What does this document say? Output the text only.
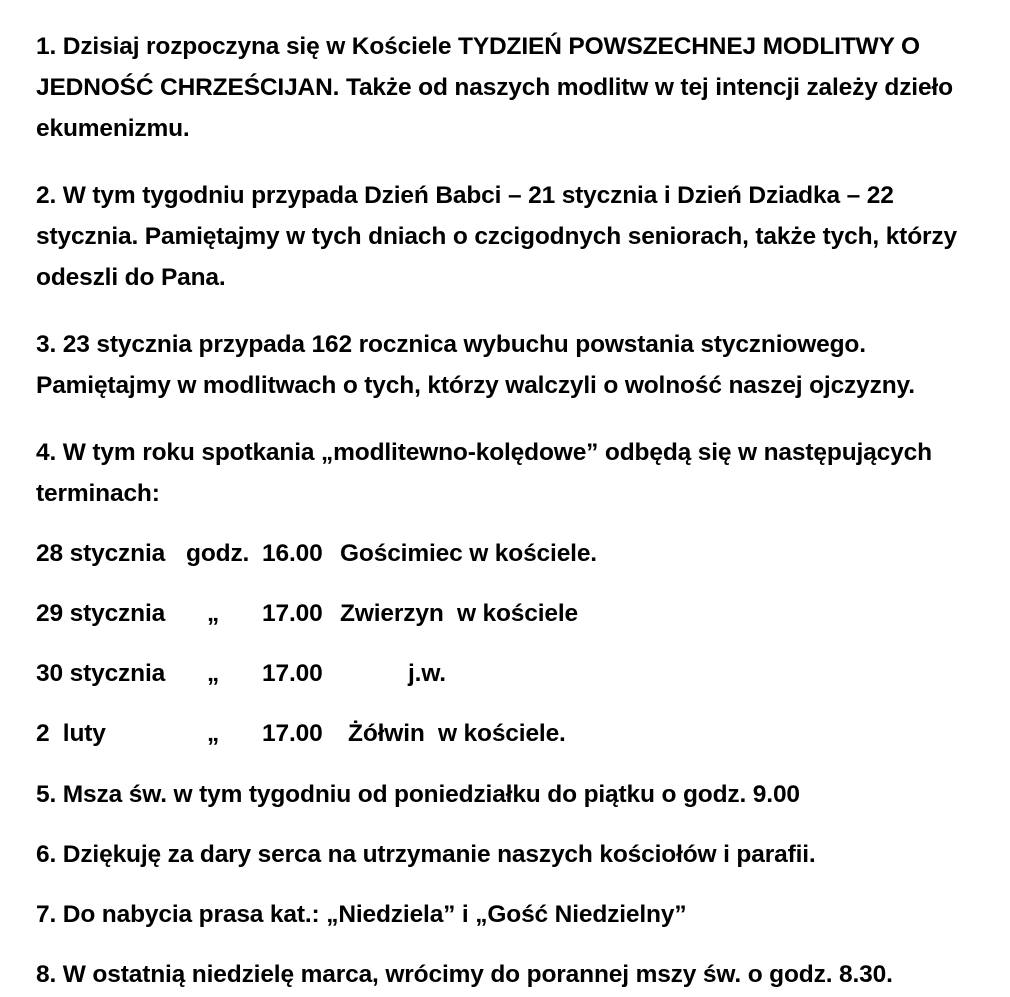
1. Dzisiaj rozpoczyna się w Kościele TYDZIEŃ POWSZECHNEJ MODLITWY O JEDNOŚĆ CHRZEŚCIJAN. Także od naszych modlitw w tej intencji zależy dzieło ekumenizmu.

2. W tym tygodniu przypada Dzień Babci – 21 stycznia i Dzień Dziadka – 22 stycznia. Pamiętajmy w tych dniach o czcigodnych seniorach, także tych, którzy odeszli do Pana.

3. 23 stycznia przypada 162 rocznica wybuchu powstania styczniowego. Pamiętajmy w modlitwach o tych, którzy walczyli o wolność naszej ojczyzny.

4. W tym roku spotkania „modlitewno-kolędowe” odbędą się w następujących terminach:

28 stycznia

godz.

16.00

Gościmiec w kościele.

29 stycznia

„

17.00

Zwierzyn  w kościele

30 stycznia

„

17.00

	j.w.

2  luty

	„

17.00

Żółwin  w kościele.

5. Msza św. w tym tygodniu od poniedziałku do piątku o godz. 9.00

6. Dziękuję za dary serca na utrzymanie naszych kościołów i parafii.

7. Do nabycia prasa kat.: „Niedziela” i „Gość Niedzielny”

8. W ostatnią niedzielę marca, wrócimy do porannej mszy św. o godz. 8.30.
